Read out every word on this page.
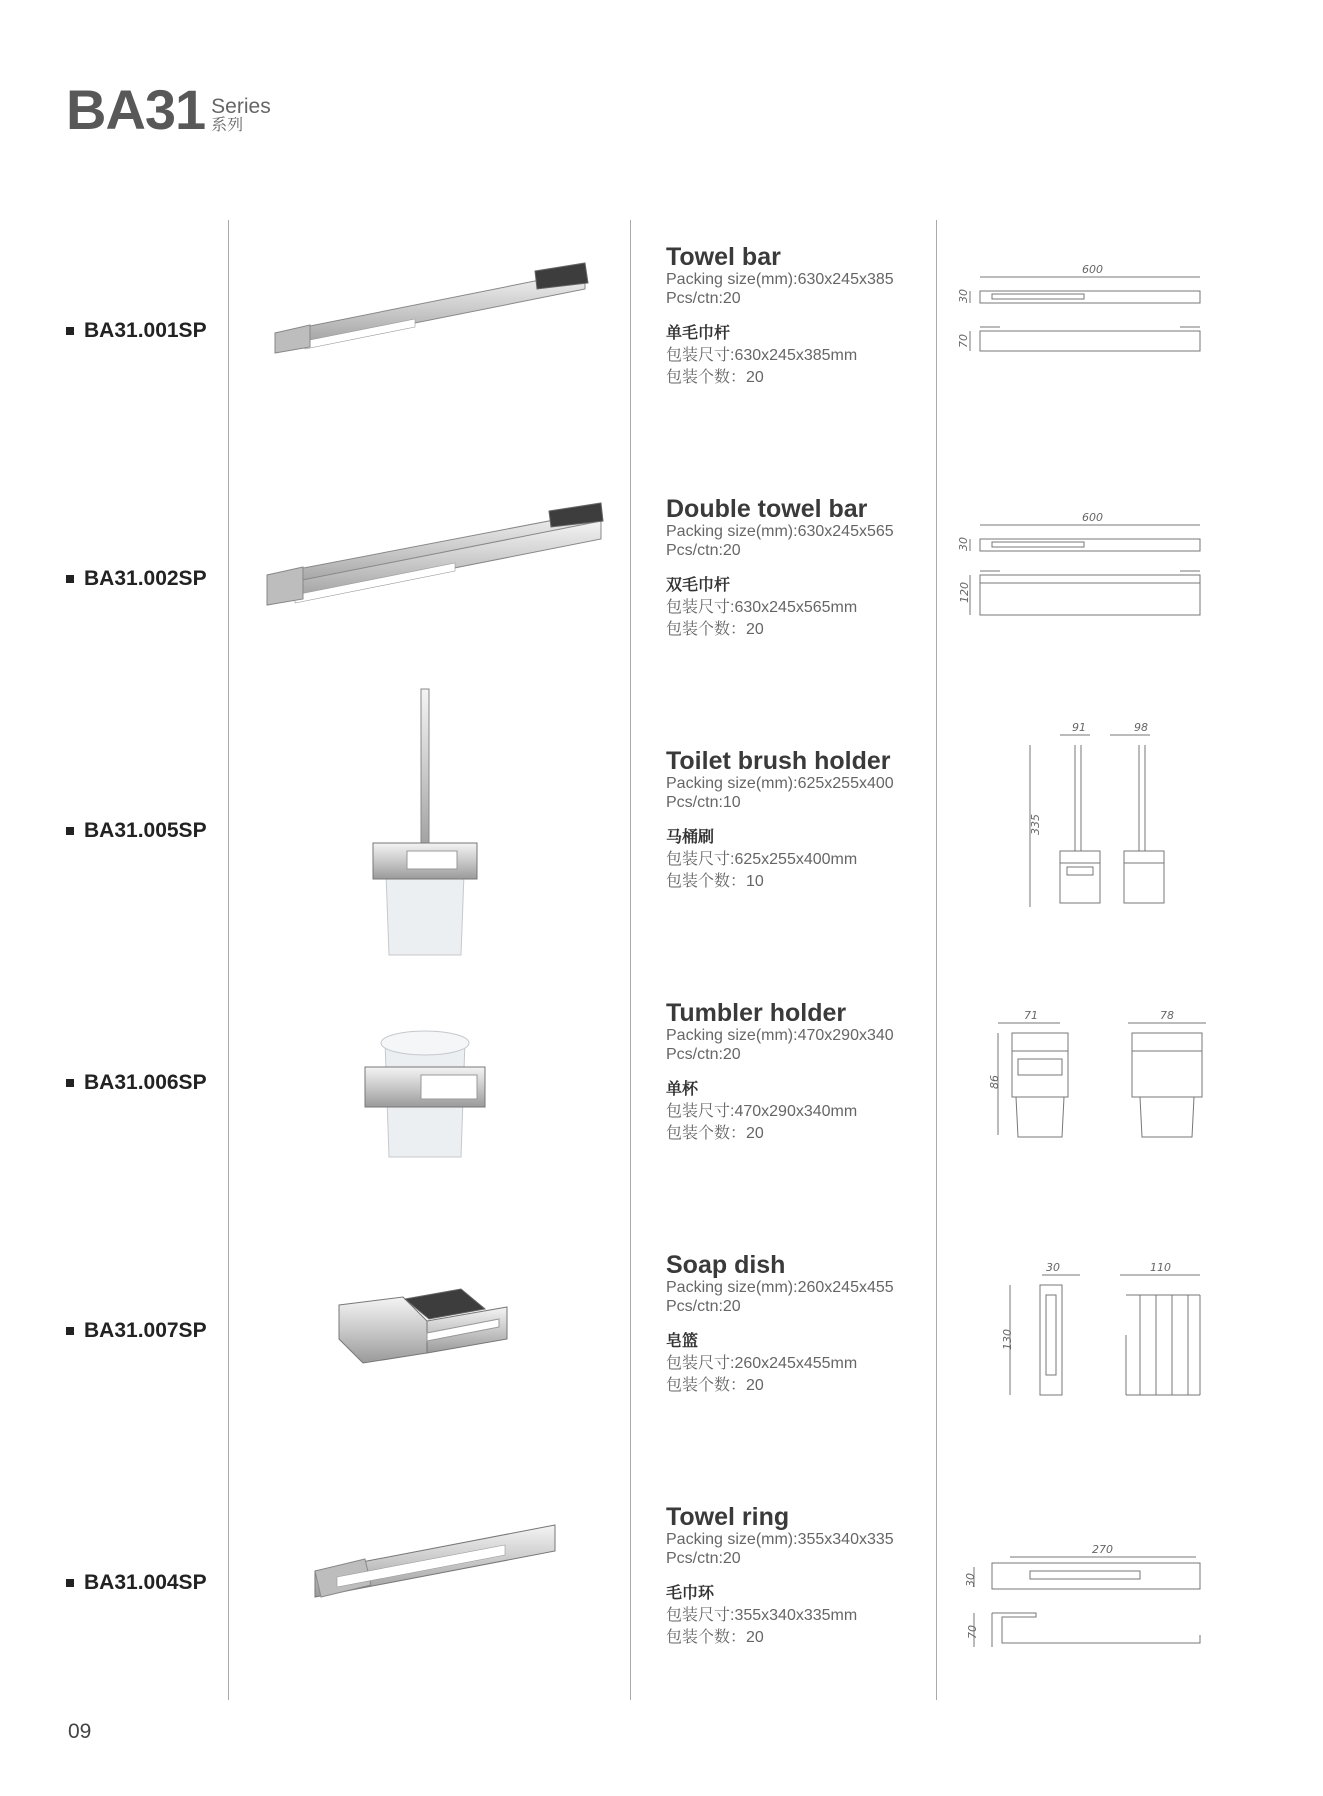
BA31 Series
系列
BA31.001SP
Towel bar
Packing size(mm):630x245x385
Pcs/ctn:20
单毛巾杆
包装尺寸:630x245x385mm
包装个数：20
600
30
70
BA31.002SP
Double towel bar
Packing size(mm):630x245x565
Pcs/ctn:20
双毛巾杆
包装尺寸:630x245x565mm
包装个数：20
600
30
120
BA31.005SP
Toilet brush holder
Packing size(mm):625x255x400
Pcs/ctn:10
马桶刷
包装尺寸:625x255x400mm
包装个数：10
91	98
335
BA31.006SP
Tumbler holder
Packing size(mm):470x290x340
Pcs/ctn:20
单杯
包装尺寸:470x290x340mm
包装个数：20
71	78
86
BA31.007SP
Soap dish
Packing size(mm):260x245x455
Pcs/ctn:20
皂篮
包装尺寸:260x245x455mm
包装个数：20
30	110
130
BA31.004SP
Towel ring
Packing size(mm):355x340x335
Pcs/ctn:20
毛巾环
包装尺寸:355x340x335mm
包装个数：20
270
30
70
09
